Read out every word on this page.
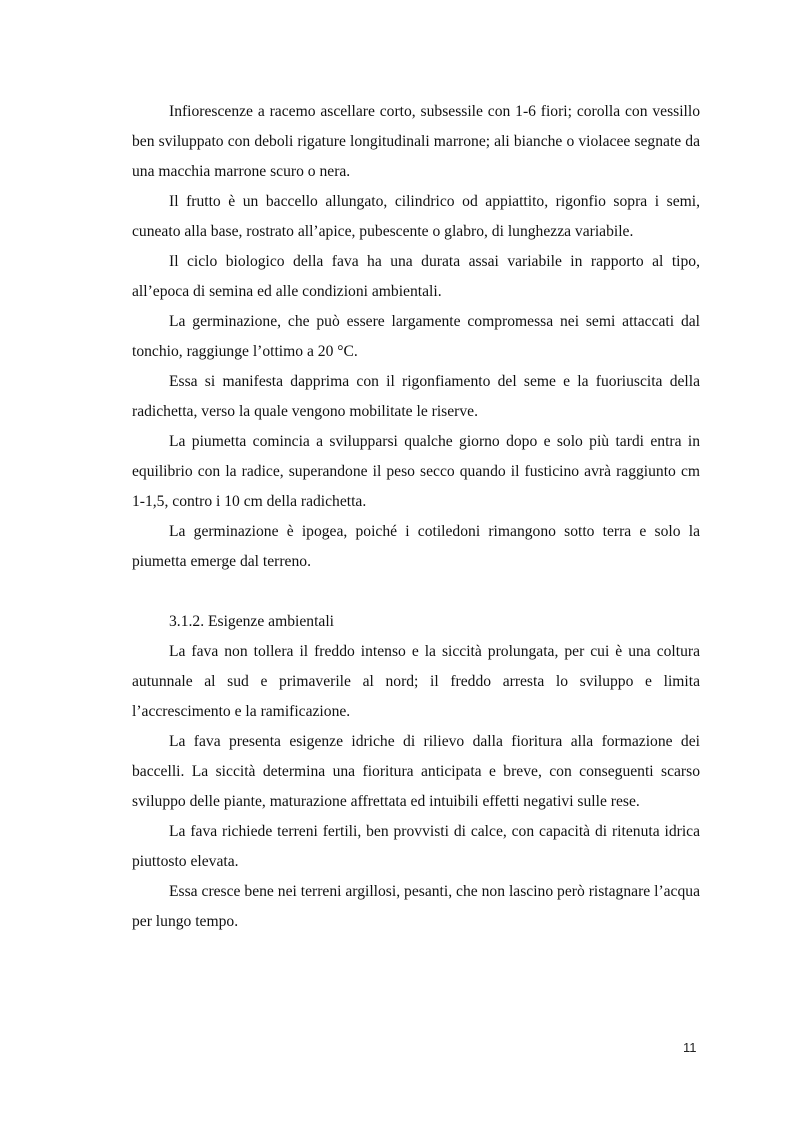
Infiorescenze a racemo ascellare corto, subsessile con 1-6 fiori; corolla con vessillo ben sviluppato con deboli rigature longitudinali marrone; ali bianche o violacee segnate da una macchia marrone scuro o nera.

Il frutto è un baccello allungato, cilindrico od appiattito, rigonfio sopra i semi, cuneato alla base, rostrato all’apice, pubescente o glabro, di lunghezza variabile.

Il ciclo biologico della fava ha una durata assai variabile in rapporto al tipo, all’epoca di semina ed alle condizioni ambientali.

La germinazione, che può essere largamente compromessa nei semi attaccati dal tonchio, raggiunge l’ottimo a 20 °C.

Essa si manifesta dapprima con il rigonfiamento del seme e la fuoriuscita della radichetta, verso la quale vengono mobilitate le riserve.

La piumetta comincia a svilupparsi qualche giorno dopo e solo più tardi entra in equilibrio con la radice, superandone il peso secco quando il fusticino avrà raggiunto cm 1-1,5, contro i 10 cm della radichetta.

La germinazione è ipogea, poiché i cotiledoni rimangono sotto terra e solo la piumetta emerge dal terreno.

3.1.2. Esigenze ambientali

La fava non tollera il freddo intenso e la siccità prolungata, per cui è una coltura autunnale al sud e primaverile al nord; il freddo arresta lo sviluppo e limita l’accrescimento e la ramificazione.

La fava presenta esigenze idriche di rilievo dalla fioritura alla formazione dei baccelli. La siccità determina una fioritura anticipata e breve, con conseguenti scarso sviluppo delle piante, maturazione affrettata ed intuibili effetti negativi sulle rese.

La fava richiede terreni fertili, ben provvisti di calce, con capacità di ritenuta idrica piuttosto elevata.

Essa cresce bene nei terreni argillosi, pesanti, che non lascino però ristagnare l’acqua per lungo tempo.

11
